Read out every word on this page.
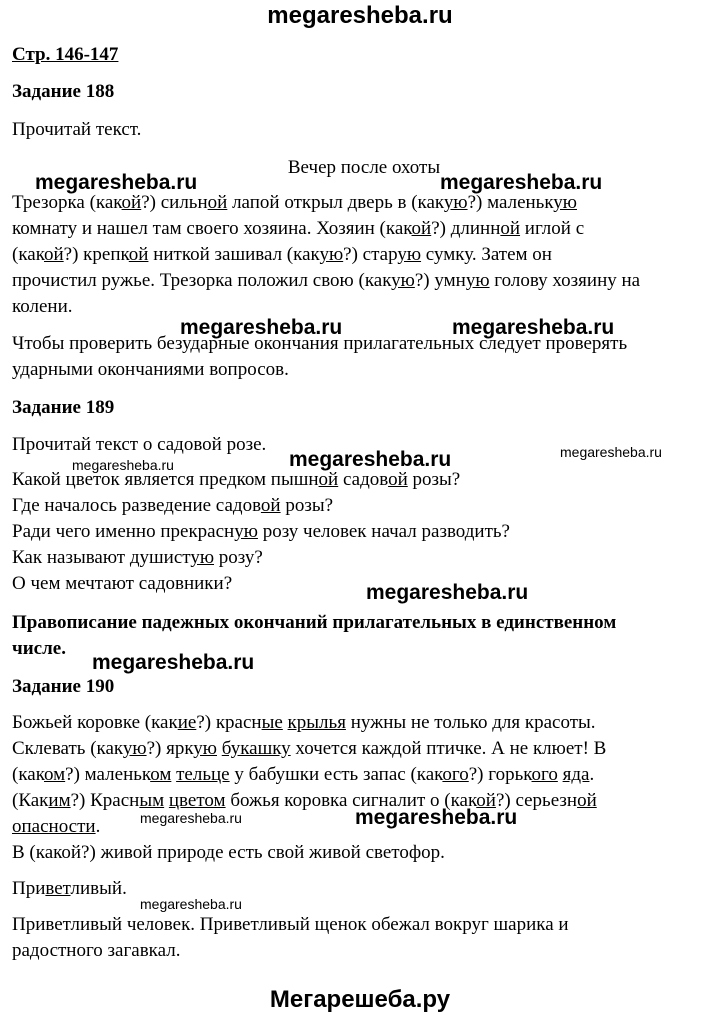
megaresheba.ru
Стр. 146-147
Задание 188
Прочитай текст.
Вечер после охоты
Трезорка (какой?) сильной лапой открыл дверь в (какую?) маленькую
комнату и нашел там своего хозяина. Хозяин (какой?) длинной иглой с
(какой?) крепкой ниткой зашивал (какую?) старую сумку. Затем он
прочистил ружье. Трезорка положил свою (какую?) умную голову хозяину на
колени.
Чтобы проверить безударные окончания прилагательных следует проверять
ударными окончаниями вопросов.
Задание 189
Прочитай текст о садовой розе.
Какой цветок является предком пышной садовой розы?
Где началось разведение садовой розы?
Ради чего именно прекрасную розу человек начал разводить?
Как называют душистую розу?
О чем мечтают садовники?
Правописание падежных окончаний прилагательных в единственном
числе.
Задание 190
Божьей коровке (какие?) красные крылья нужны не только для красоты.
Склевать (какую?) яркую букашку хочется каждой птичке. А не клюет! В
(каком?) маленьком тельце у бабушки есть запас (какого?) горького яда.
(Каким?) Красным цветом божья коровка сигналит о (какой?) серьезной
опасности.
В (какой?) живой природе есть свой живой светофор.
Приветливый.
Приветливый человек. Приветливый щенок обежал вокруг шарика и
радостного загавкал.
megaresheba.ru	megaresheba.ru
megaresheba.ru	megaresheba.ru
megaresheba.ru
megaresheba.ru
megaresheba.ru
megaresheba.ru
megaresheba.ru
megaresheba.ru
megaresheba.ru
megaresheba.ru
Мегарешеба.ру
